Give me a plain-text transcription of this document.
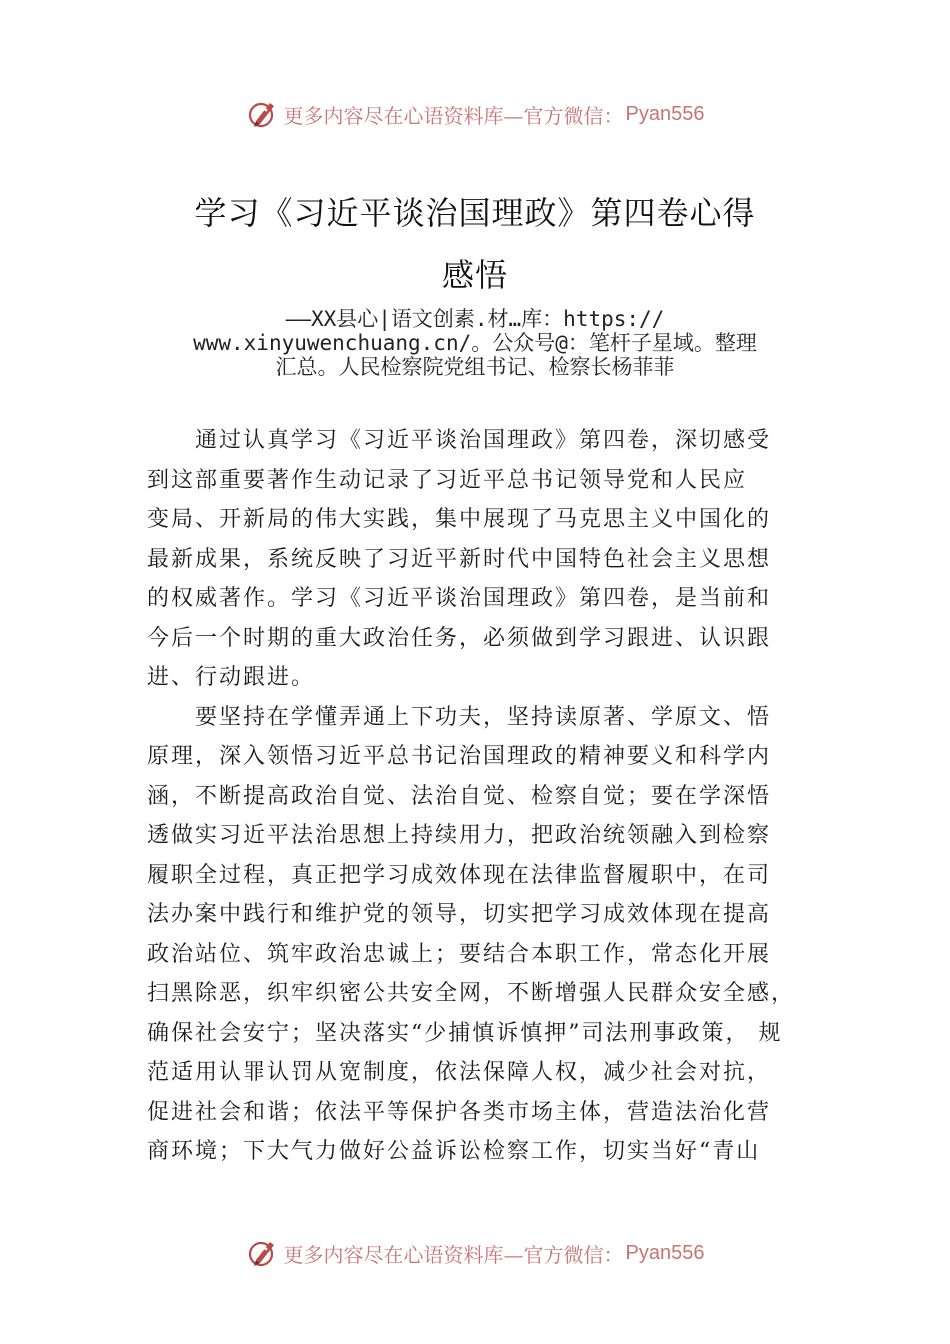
更多内容尽在心语资料库—官方微信： Pyan556
学习《习近平谈治国理政》第四卷心得
感悟
——XX县心|语文创素.材…库：https://
www.xinyuwenchuang.cn/。公众号@：笔杆子星域。整理
汇总。人民检察院党组书记、检察长杨菲菲
　　通过认真学习《习近平谈治国理政》第四卷，深切感受
到这部重要著作生动记录了习近平总书记领导党和人民应
变局、开新局的伟大实践，集中展现了马克思主义中国化的
最新成果，系统反映了习近平新时代中国特色社会主义思想
的权威著作。学习《习近平谈治国理政》第四卷，是当前和
今后一个时期的重大政治任务，必须做到学习跟进、认识跟
进、行动跟进。
　　要坚持在学懂弄通上下功夫，坚持读原著、学原文、悟
原理，深入领悟习近平总书记治国理政的精神要义和科学内
涵，不断提高政治自觉、法治自觉、检察自觉；要在学深悟
透做实习近平法治思想上持续用力，把政治统领融入到检察
履职全过程，真正把学习成效体现在法律监督履职中，在司
法办案中践行和维护党的领导，切实把学习成效体现在提高
政治站位、筑牢政治忠诚上；要结合本职工作，常态化开展
扫黑除恶，织牢织密公共安全网，不断增强人民群众安全感，
确保社会安宁；坚决落实“少捕慎诉慎押”司法刑事政策， 规
范适用认罪认罚从宽制度，依法保障人权，减少社会对抗，
促进社会和谐；依法平等保护各类市场主体，营造法治化营
商环境；下大气力做好公益诉讼检察工作，切实当好“青山
更多内容尽在心语资料库—官方微信： Pyan556
